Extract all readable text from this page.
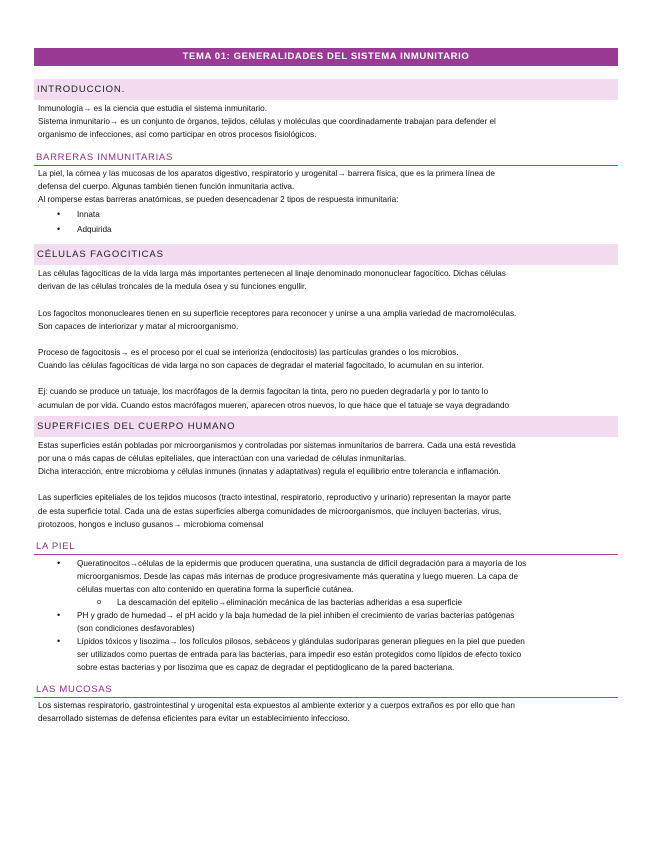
TEMA 01: GENERALIDADES DEL SISTEMA INMUNITARIO
INTRODUCCION.

Inmunología→ es la ciencia que estudia el sistema inmunitario.

Sistema inmunitario→ es un conjunto de órganos, tejidos, células y moléculas que coordinadamente trabajan para defender el

organismo de infecciones, así como participar en otros procesos fisiológicos.

BARRERAS INMUNITARIAS

La piel, la córnea y las mucosas de los aparatos digestivo, respiratorio y urogenital→ barrera física, que es la primera línea de

defensa del cuerpo. Algunas también tienen función inmunitaria activa.

Al romperse estas barreras anatómicas, se pueden desencadenar 2 tipos de respuesta inmunitaria:

• Innata
• Adquirida
CÉLULAS FAGOCITICAS

Las células fagocíticas de la vida larga más importantes pertenecen al linaje denominado mononuclear fagocítico. Dichas células

derivan de las células troncales de la medula ósea y su funciones engullir.

Los fagocitos mononucleares tienen en su superficie receptores para reconocer y unirse a una amplia variedad de macromoléculas.

Son capaces de interiorizar y matar al microorganismo.

Proceso de fagocitosis→ es el proceso por el cual se interioriza (endocitosis) las partículas grandes o los microbios.

Cuando las células fagocíticas de vida larga no son capaces de degradar el material fagocitado, lo acumulan en su interior.

Ej: cuando se produce un tatuaje, los macrófagos de la dermis fagocitan la tinta, pero no pueden degradarla y por lo tanto lo

acumulan de por vida. Cuando estos macrófagos mueren, aparecen otros nuevos, lo que hace que el tatuaje se vaya degradando

SUPERFICIES DEL CUERPO HUMANO

Estas superficies están pobladas por microorganismos y controladas por sistemas inmunitarios de barrera. Cada una está revestida

por una o más capas de células epiteliales, que interactúan con una variedad de células inmunitarias.

Dicha interacción, entre microbioma y células inmunes (innatas y adaptativas) regula el equilibrio entre tolerancia e inflamación.

Las superficies epiteliales de los tejidos mucosos (tracto intestinal, respiratorio, reproductivo y urinario) representan la mayor parte

de esta superficie total. Cada una de estas superficies alberga comunidades de microorganismos, que incluyen bacterias, virus,

protozoos, hongos e incluso gusanos→ microbioma comensal

LA PIEL
• Queratinocitos→células de la epidermis que producen queratina, una sustancia de difícil degradación para a mayoría de los
microorganismos. Desde las capas más internas de produce progresivamente más queratina y luego mueren. La capa de
células muertas con alto contenido en queratina forma la superficie cutánea.
o La descamación del epitelio→eliminación mecánica de las bacterias adheridas a esa superficie
• PH y grado de humedad→ el pH acido y la baja humedad de la piel inhiben el crecimiento de varias bacterias patógenas
(son condiciones desfavorables)
• Lípidos tóxicos y lisozima→ los folículos pilosos, sebáceos y glándulas sudoríparas generan pliegues en la piel que pueden
ser utilizados como puertas de entrada para las bacterias, para impedir eso están protegidos como lípidos de efecto toxico
sobre estas bacterias y por lisozima que es capaz de degradar el peptidoglicano de la pared bacteriana.
LAS MUCOSAS

Los sistemas respiratorio, gastrointestinal y urogenital esta expuestos al ambiente exterior y a cuerpos extraños es por ello que han

desarrollado sistemas de defensa eficientes para evitar un establecimiento infeccioso.
